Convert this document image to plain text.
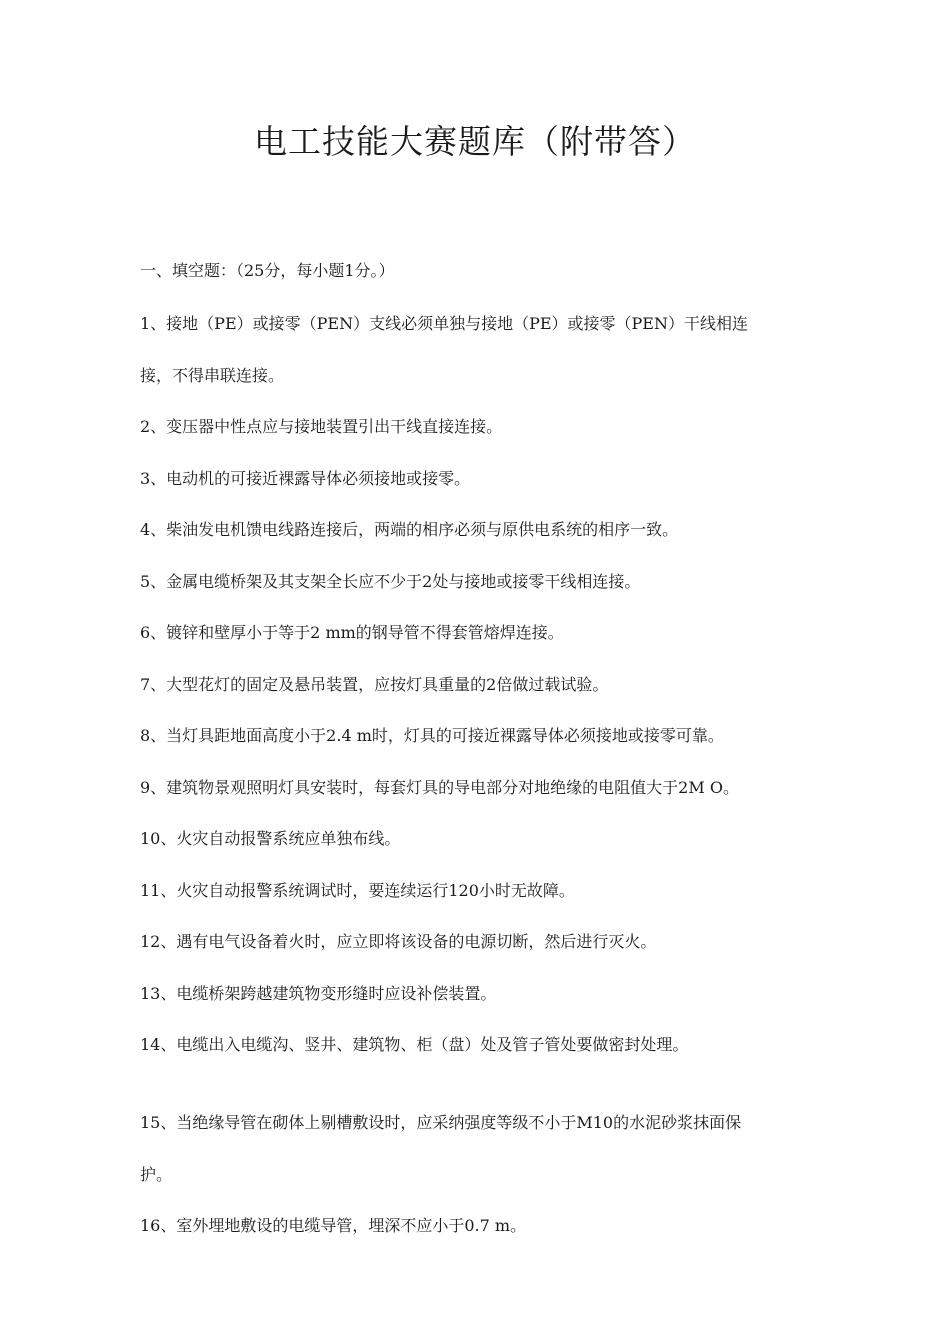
电工技能大赛题库（附带答）

一、填空题：（25分，每小题1分。）

1、接地（PE）或接零（PEN）支线必须单独与接地（PE）或接零（PEN）干线相连

接，不得串联连接。

2、变压器中性点应与接地装置引出干线直接连接。

3、电动机的可接近裸露导体必须接地或接零。

4、柴油发电机馈电线路连接后，两端的相序必须与原供电系统的相序一致。

5、金属电缆桥架及其支架全长应不少于2处与接地或接零干线相连接。

6、镀锌和壁厚小于等于2 mm的钢导管不得套管熔焊连接。

7、大型花灯的固定及悬吊装置，应按灯具重量的2倍做过载试验。

8、当灯具距地面高度小于2.4 m时，灯具的可接近裸露导体必须接地或接零可靠。

9、建筑物景观照明灯具安装时，每套灯具的导电部分对地绝缘的电阻值大于2M O。

10、火灾自动报警系统应单独布线。

11、火灾自动报警系统调试时，要连续运行120小时无故障。

12、遇有电气设备着火时，应立即将该设备的电源切断，然后进行灭火。

13、电缆桥架跨越建筑物变形缝时应设补偿装置。

14、电缆出入电缆沟、竖井、建筑物、柜（盘）处及管子管处要做密封处理。

15、当绝缘导管在砌体上剔槽敷设时，应采纳强度等级不小于M10的水泥砂浆抹面保

护。

16、室外埋地敷设的电缆导管，埋深不应小于0.7 m。
